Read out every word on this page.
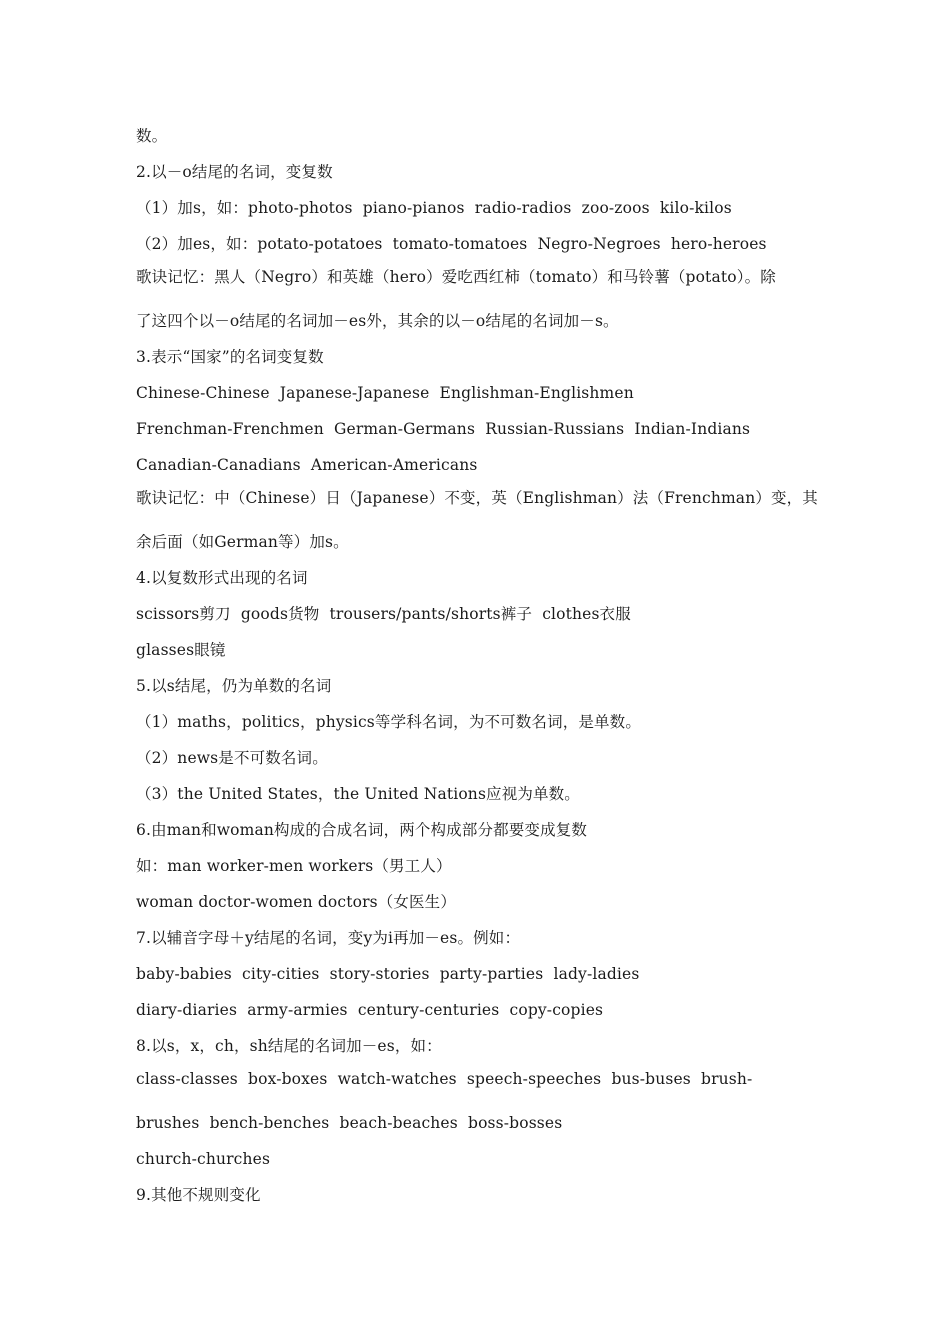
数。
2.以－o结尾的名词，变复数
（1）加s，如：photo-photos  piano-pianos  radio-radios  zoo-zoos  kilo-kilos
（2）加es，如：potato-potatoes  tomato-tomatoes  Negro-Negroes  hero-heroes
歌诀记忆：黑人（Negro）和英雄（hero）爱吃西红柿（tomato）和马铃薯（potato）。除
了这四个以－o结尾的名词加－es外，其余的以－o结尾的名词加－s。
3.表示“国家”的名词变复数
Chinese-Chinese  Japanese-Japanese  Englishman-Englishmen
Frenchman-Frenchmen  German-Germans  Russian-Russians  Indian-Indians
Canadian-Canadians  American-Americans
歌诀记忆：中（Chinese）日（Japanese）不变，英（Englishman）法（Frenchman）变，其
余后面（如German等）加s。
4.以复数形式出现的名词
scissors剪刀  goods货物  trousers/pants/shorts裤子  clothes衣服
glasses眼镜
5.以s结尾，仍为单数的名词
（1）maths，politics，physics等学科名词，为不可数名词，是单数。
（2）news是不可数名词。
（3）the United States，the United Nations应视为单数。
6.由man和woman构成的合成名词，两个构成部分都要变成复数
如：man worker-men workers（男工人）
woman doctor-women doctors（女医生）
7.以辅音字母＋y结尾的名词，变y为i再加－es。例如：
baby-babies  city-cities  story-stories  party-parties  lady-ladies
diary-diaries  army-armies  century-centuries  copy-copies
8.以s，x，ch，sh结尾的名词加－es，如：
class-classes  box-boxes  watch-watches  speech-speeches  bus-buses  brush-
brushes  bench-benches  beach-beaches  boss-bosses
church-churches
9.其他不规则变化
